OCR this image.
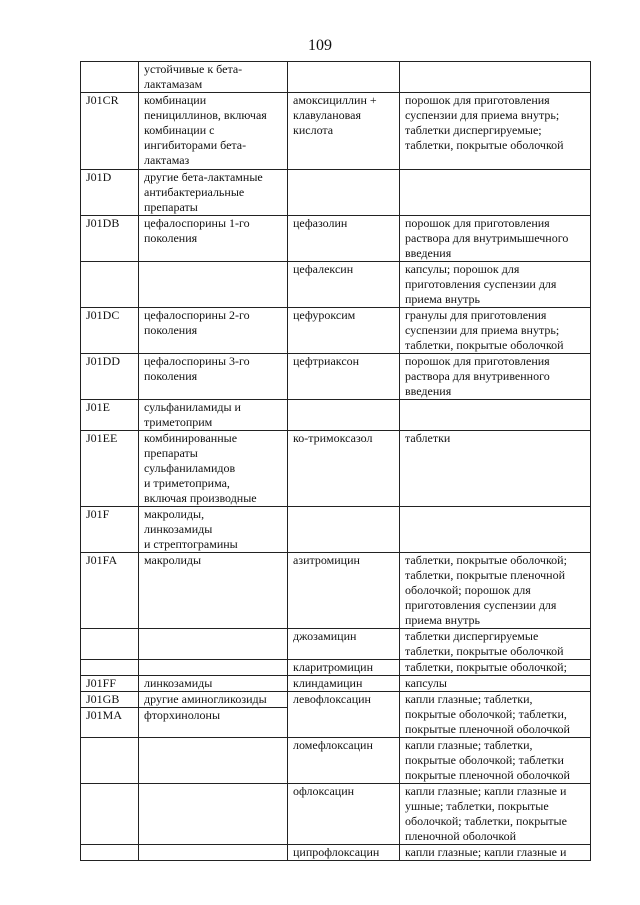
109
	устойчивые к бета-
лактамазам		
J01CR	комбинации
пенициллинов, включая
комбинации с
ингибиторами бета-
лактамаз	амоксициллин +
клавулановая
кислота	порошок для приготовления
суспензии для приема внутрь;
таблетки диспергируемые;
таблетки, покрытые оболочкой
J01D	другие бета-лактамные
антибактериальные
препараты		
J01DB	цефалоспорины 1-го
поколения	цефазолин	порошок для приготовления
раствора для внутримышечного
введения
		цефалексин	капсулы; порошок для
приготовления суспензии для
приема внутрь
J01DC	цефалоспорины 2-го
поколения	цефуроксим	гранулы для приготовления
суспензии для приема внутрь;
таблетки, покрытые оболочкой
J01DD	цефалоспорины 3-го
поколения	цефтриаксон	порошок для приготовления
раствора для внутривенного
введения
J01E	сульфаниламиды и
триметоприм		
J01EE	комбинированные
препараты
сульфаниламидов
и триметоприма,
включая производные	ко-тримоксазол	таблетки
J01F	макролиды,
линкозамиды
и стрептограмины		
J01FA	макролиды	азитромицин	таблетки, покрытые оболочкой;
таблетки, покрытые пленочной
оболочкой; порошок для
приготовления суспензии для
приема внутрь
		джозамицин	таблетки диспергируемые
таблетки, покрытые оболочкой
		кларитромицин	таблетки, покрытые оболочкой;
J01FF	линкозамиды	клиндамицин	капсулы
J01GB	другие аминогликозиды	левофлоксацин	капли глазные; таблетки,
покрытые оболочкой; таблетки,
покрытые пленочной оболочкой
J01MA	фторхинолоны		
		ломефлоксацин	капли глазные; таблетки,
покрытые оболочкой; таблетки
покрытые пленочной оболочкой
		офлоксацин	капли глазные; капли глазные и
ушные; таблетки, покрытые
оболочкой; таблетки, покрытые
пленочной оболочкой
		ципрофлоксацин	капли глазные; капли глазные и
